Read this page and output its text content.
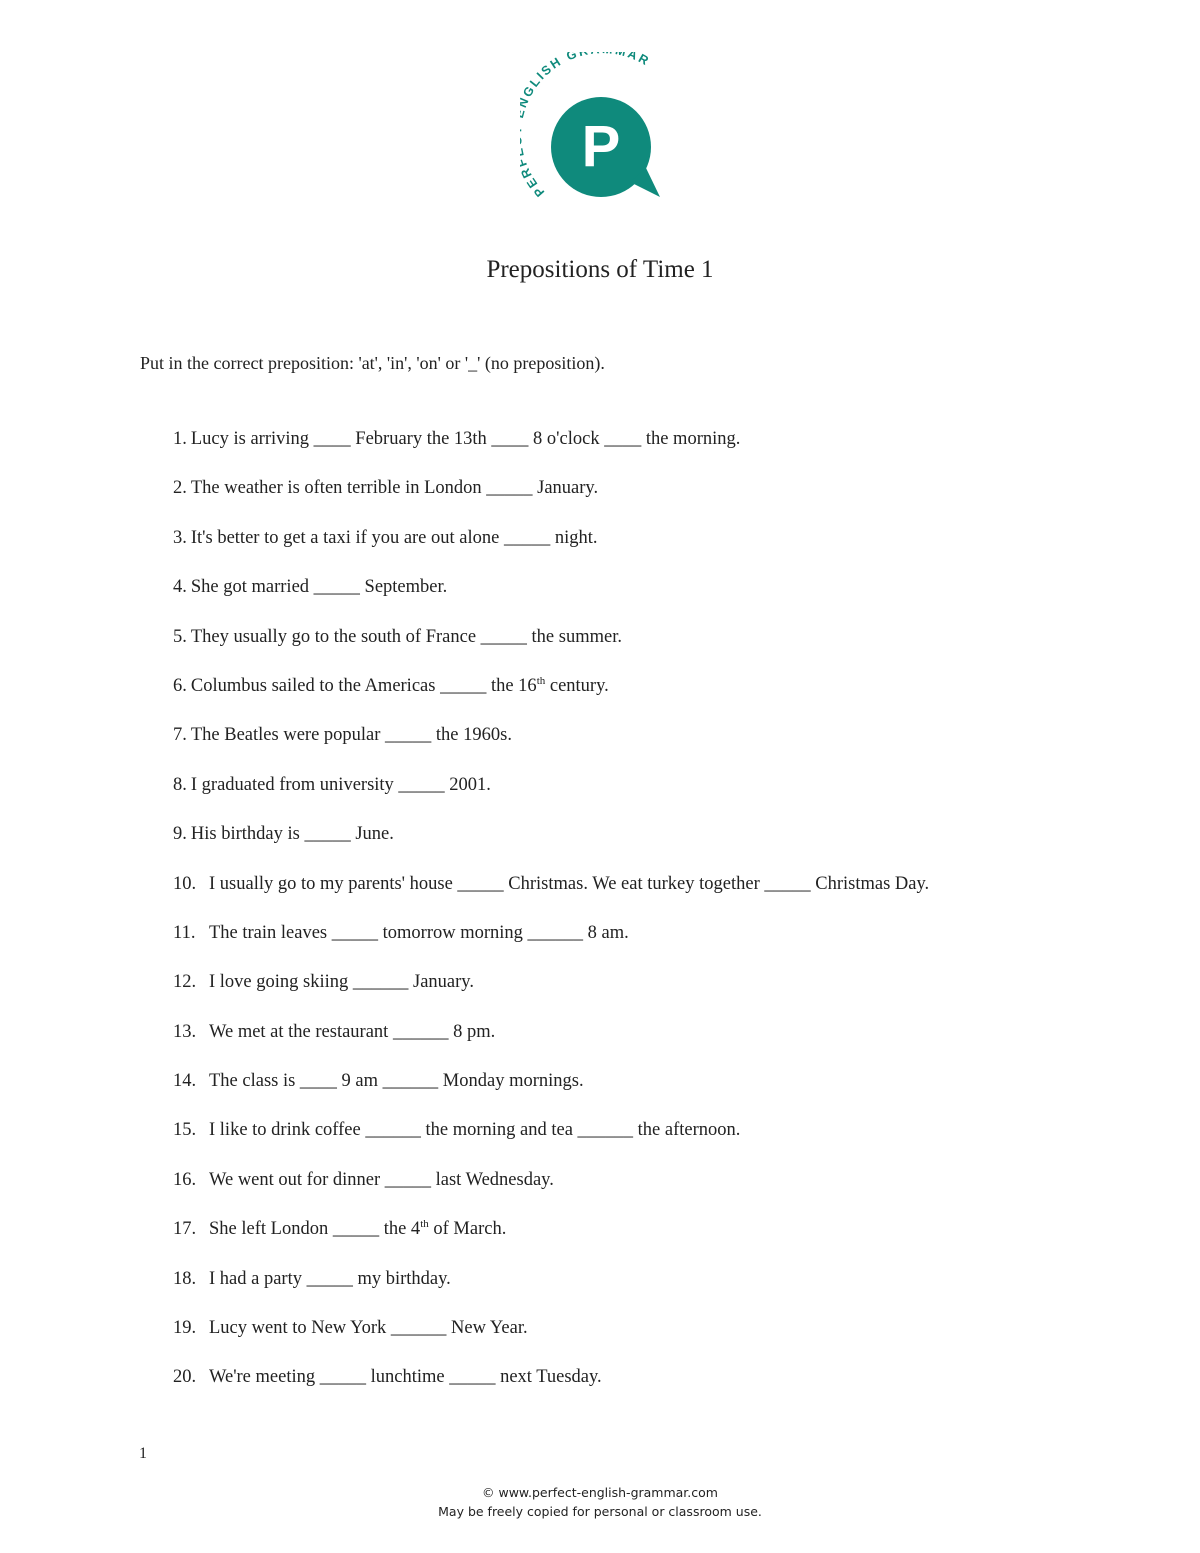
PE GLISH G AR
P
Prepositions of Time 1
Put in the correct preposition: 'at', 'in', 'on' or '_' (no preposition).
1. Lucy is arriving ____ February the 13th ____ 8 o'clock ____ the morning.
2. The weather is often terrible in London _____ January.
3. It's better to get a taxi if you are out alone _____ night.
4. She got married _____ September.
5. They usually go to the south of France _____ the summer.
6. Columbus sailed to the Americas _____ the 16th century.
7. The Beatles were popular _____ the 1960s.
8. I graduated from university _____ 2001.
9. His birthday is _____ June.
10. I usually go to my parents' house _____ Christmas. We eat turkey together _____ Christmas Day.
11. The train leaves _____ tomorrow morning ______ 8 am.
12. I love going skiing ______ January.
13. We met at the restaurant ______ 8 pm.
14. The class is ____ 9 am ______ Monday mornings.
15. I like to drink coffee ______ the morning and tea ______ the afternoon.
16. We went out for dinner _____ last Wednesday.
17. She left London _____ the 4th of March.
18. I had a party _____ my birthday.
19. Lucy went to New York ______ New Year.
20. We're meeting _____ lunchtime _____ next Tuesday.
1
© www.perfect-english-grammar.com
May be freely copied for personal or classroom use.
